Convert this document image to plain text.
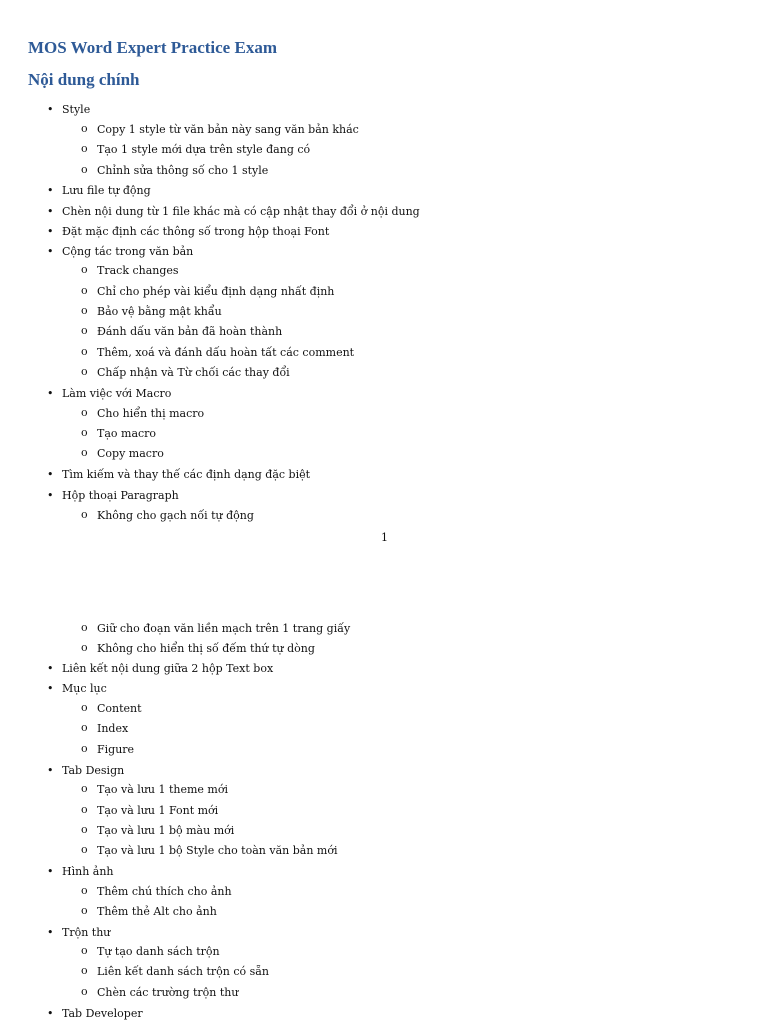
MOS Word Expert Practice Exam
Nội dung chính
• Style
o Copy 1 style từ văn bản này sang văn bản khác
o Tạo 1 style mới dựa trên style đang có
o Chỉnh sửa thông số cho 1 style
• Lưu file tự động
• Chèn nội dung từ 1 file khác mà có cập nhật thay đổi ở nội dung
• Đặt mặc định các thông số trong hộp thoại Font
• Cộng tác trong văn bản
o Track changes
o Chỉ cho phép vài kiểu định dạng nhất định
o Bảo vệ bằng mật khẩu
o Đánh dấu văn bản đã hoàn thành
o Thêm, xoá và đánh dấu hoàn tất các comment
o Chấp nhận và Từ chối các thay đổi
• Làm việc với Macro
o Cho hiển thị macro
o Tạo macro
o Copy macro
• Tìm kiếm và thay thế các định dạng đặc biệt
• Hộp thoại Paragraph
o Không cho gạch nối tự động
o Giữ cho đoạn văn liền mạch trên 1 trang giấy
o Không cho hiển thị số đếm thứ tự dòng
• Liên kết nội dung giữa 2 hộp Text box
• Mục lục
o Content
o Index
o Figure
• Tab Design
o Tạo và lưu 1 theme mới
o Tạo và lưu 1 Font mới
o Tạo và lưu 1 bộ màu mới
o Tạo và lưu 1 bộ Style cho toàn văn bản mới
• Hình ảnh
o Thêm chú thích cho ảnh
o Thêm thẻ Alt cho ảnh
• Trộn thư
o Tự tạo danh sách trộn
o Liên kết danh sách trộn có sẵn
o Chèn các trường trộn thư
• Tab Developer
1
